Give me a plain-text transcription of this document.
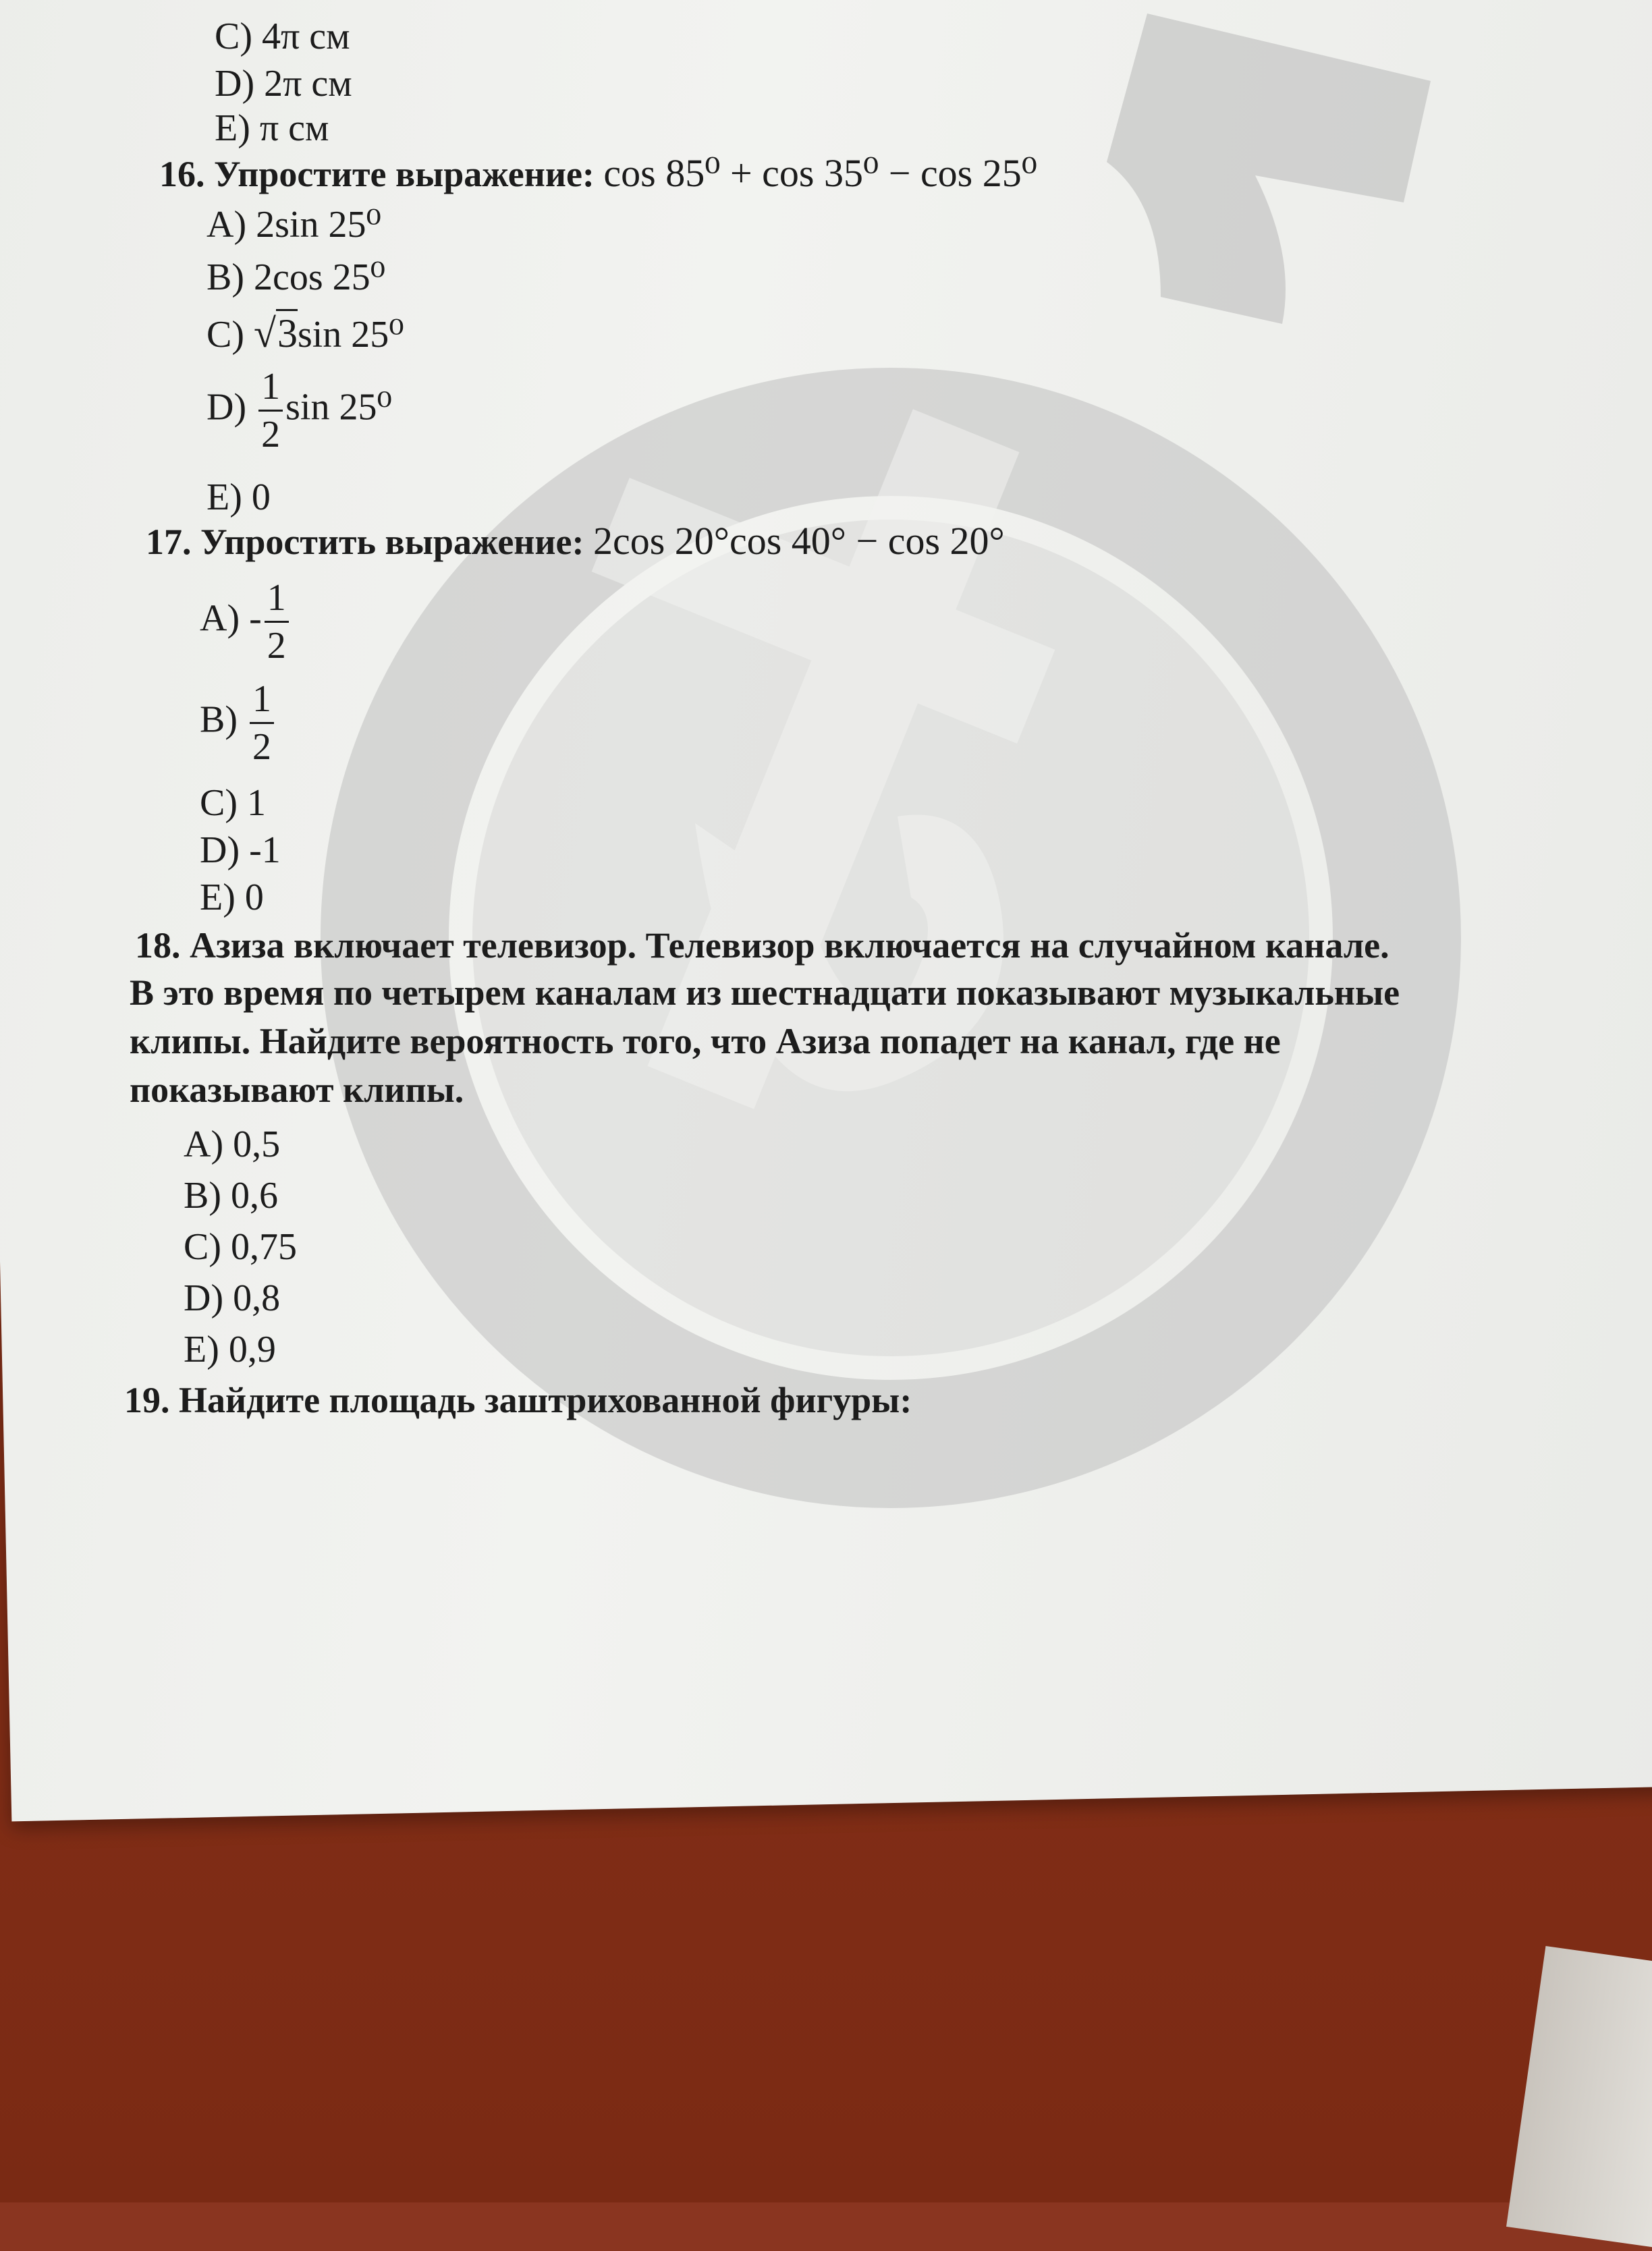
C) 4π см
D) 2π см
E) π см
16. Упростите выражение: cos 85⁰ + cos 35⁰ − cos 25⁰
A) 2sin 25⁰
B) 2cos 25⁰
C) √3sin 25⁰
$D) \frac{1}{2}$ sin 25⁰
E) 0
17. Упростить выражение: 2cos 20°cos 40° − cos 20°
$A) - \frac{1}{2}$
$B) \frac{1}{2}$
C) 1
D) -1
E) 0
18. Азиза включает телевизор. Телевизор включается на случайном канале.
В это время по четырем каналам из шестнадцати показывают музыкальные
клипы. Найдите вероятность того, что Азиза попадет на канал, где не
показывают клипы.
A) 0,5
B) 0,6
C) 0,75
D) 0,8
E) 0,9
19. Найдите площадь заштрихованной фигуры:
